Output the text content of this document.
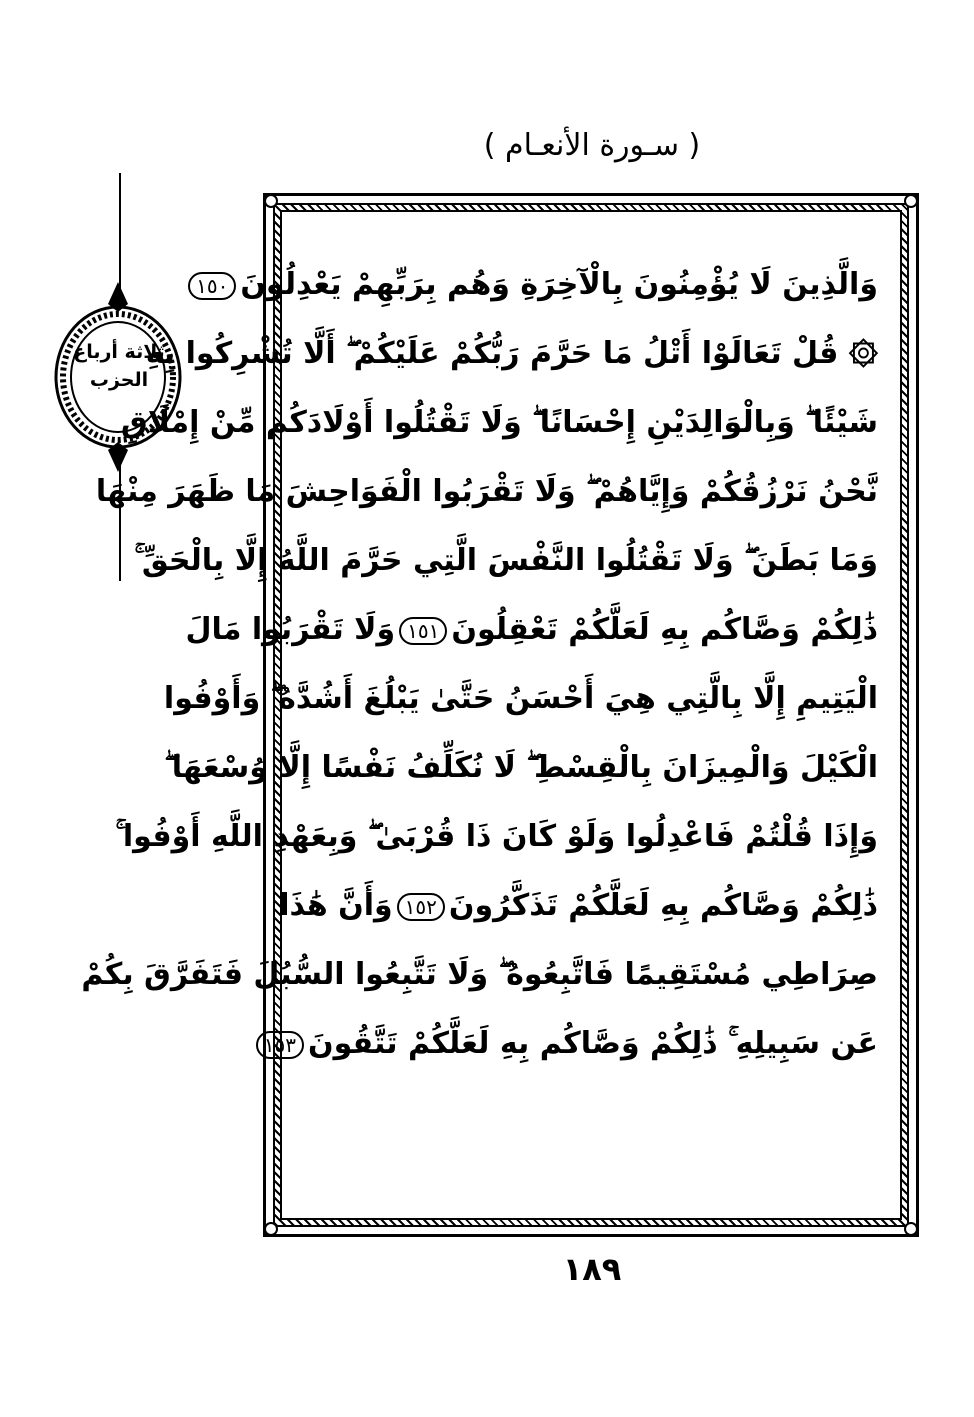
( سـورة الأنعـام )
ثلاثة أرباع الحزب
وَالَّذِينَ لَا يُؤْمِنُونَ بِالْآخِرَةِ وَهُم بِرَبِّهِمْ يَعْدِلُونَ١٥٠
۞ قُلْ تَعَالَوْا أَتْلُ مَا حَرَّمَ رَبُّكُمْ عَلَيْكُمْ ۖ أَلَّا تُشْرِكُوا بِهِ
شَيْئًا ۖ وَبِالْوَالِدَيْنِ إِحْسَانًا ۖ وَلَا تَقْتُلُوا أَوْلَادَكُم مِّنْ إِمْلَاقٍ
نَّحْنُ نَرْزُقُكُمْ وَإِيَّاهُمْ ۖ وَلَا تَقْرَبُوا الْفَوَاحِشَ مَا ظَهَرَ مِنْهَا
وَمَا بَطَنَ ۖ وَلَا تَقْتُلُوا النَّفْسَ الَّتِي حَرَّمَ اللَّهُ إِلَّا بِالْحَقِّ ۚ
ذَٰلِكُمْ وَصَّاكُم بِهِ لَعَلَّكُمْ تَعْقِلُونَ١٥١وَلَا تَقْرَبُوا مَالَ
الْيَتِيمِ إِلَّا بِالَّتِي هِيَ أَحْسَنُ حَتَّىٰ يَبْلُغَ أَشُدَّهُ ۖ وَأَوْفُوا
الْكَيْلَ وَالْمِيزَانَ بِالْقِسْطِ ۖ لَا نُكَلِّفُ نَفْسًا إِلَّا وُسْعَهَا ۖ
وَإِذَا قُلْتُمْ فَاعْدِلُوا وَلَوْ كَانَ ذَا قُرْبَىٰ ۖ وَبِعَهْدِ اللَّهِ أَوْفُوا ۚ
ذَٰلِكُمْ وَصَّاكُم بِهِ لَعَلَّكُمْ تَذَكَّرُونَ١٥٢وَأَنَّ هَٰذَا
صِرَاطِي مُسْتَقِيمًا فَاتَّبِعُوهُ ۖ وَلَا تَتَّبِعُوا السُّبُلَ فَتَفَرَّقَ بِكُمْ
عَن سَبِيلِهِ ۚ ذَٰلِكُمْ وَصَّاكُم بِهِ لَعَلَّكُمْ تَتَّقُونَ١٥٣
١٨٩
